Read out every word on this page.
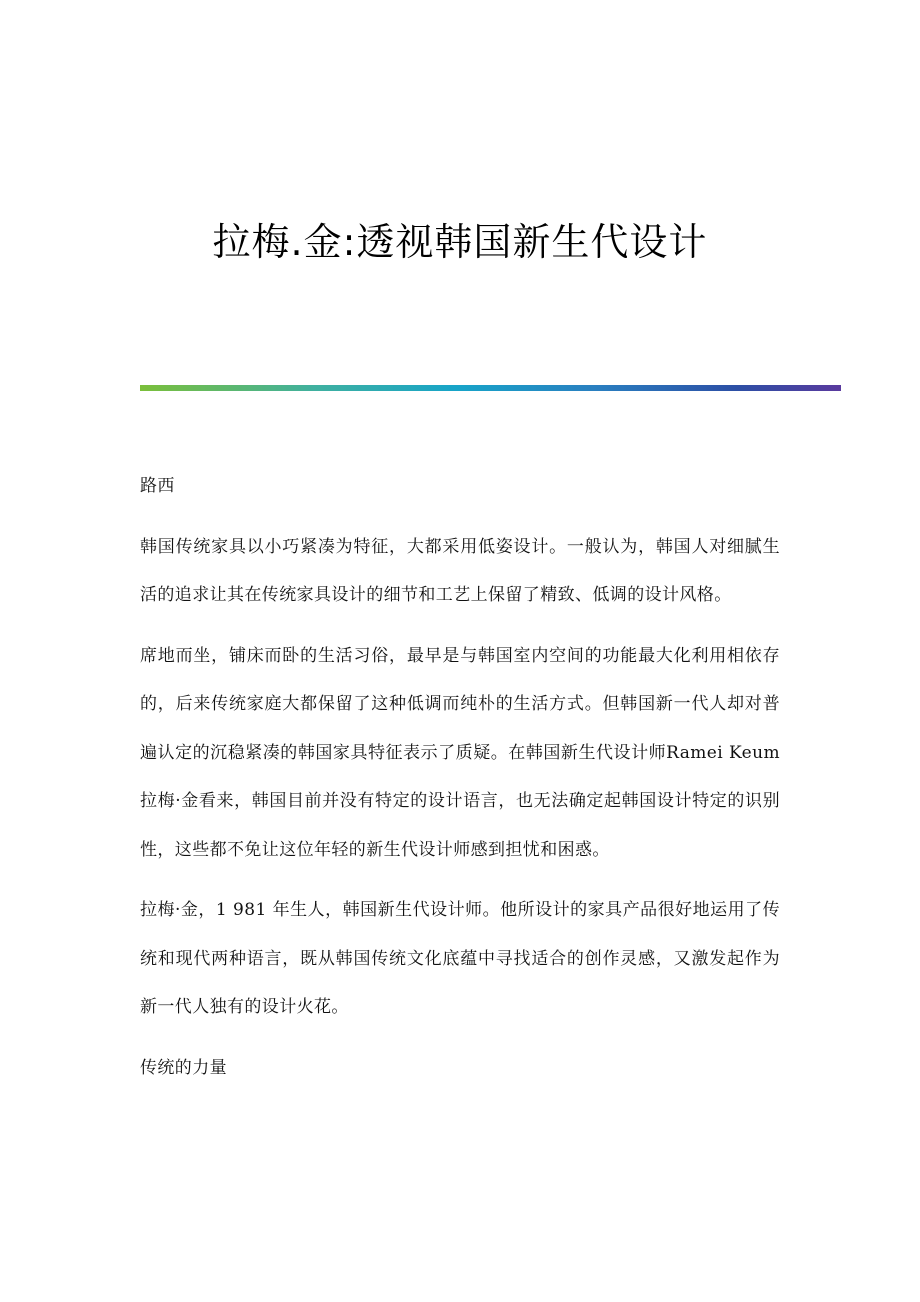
拉梅.金:透视韩国新生代设计

路西

韩国传统家具以小巧紧凑为特征，大都采用低姿设计。一般认为，韩国人对细腻生活的追求让其在传统家具设计的细节和工艺上保留了精致、低调的设计风格。

席地而坐，铺床而卧的生活习俗，最早是与韩国室内空间的功能最大化利用相依存的，后来传统家庭大都保留了这种低调而纯朴的生活方式。但韩国新一代人却对普遍认定的沉稳紧凑的韩国家具特征表示了质疑。在韩国新生代设计师Ramei Keum 拉梅·金看来，韩国目前并没有特定的设计语言，也无法确定起韩国设计特定的识别性，这些都不免让这位年轻的新生代设计师感到担忧和困惑。

拉梅·金，1 981 年生人，韩国新生代设计师。他所设计的家具产品很好地运用了传统和现代两种语言，既从韩国传统文化底蕴中寻找适合的创作灵感，又激发起作为新一代人独有的设计火花。

传统的力量
